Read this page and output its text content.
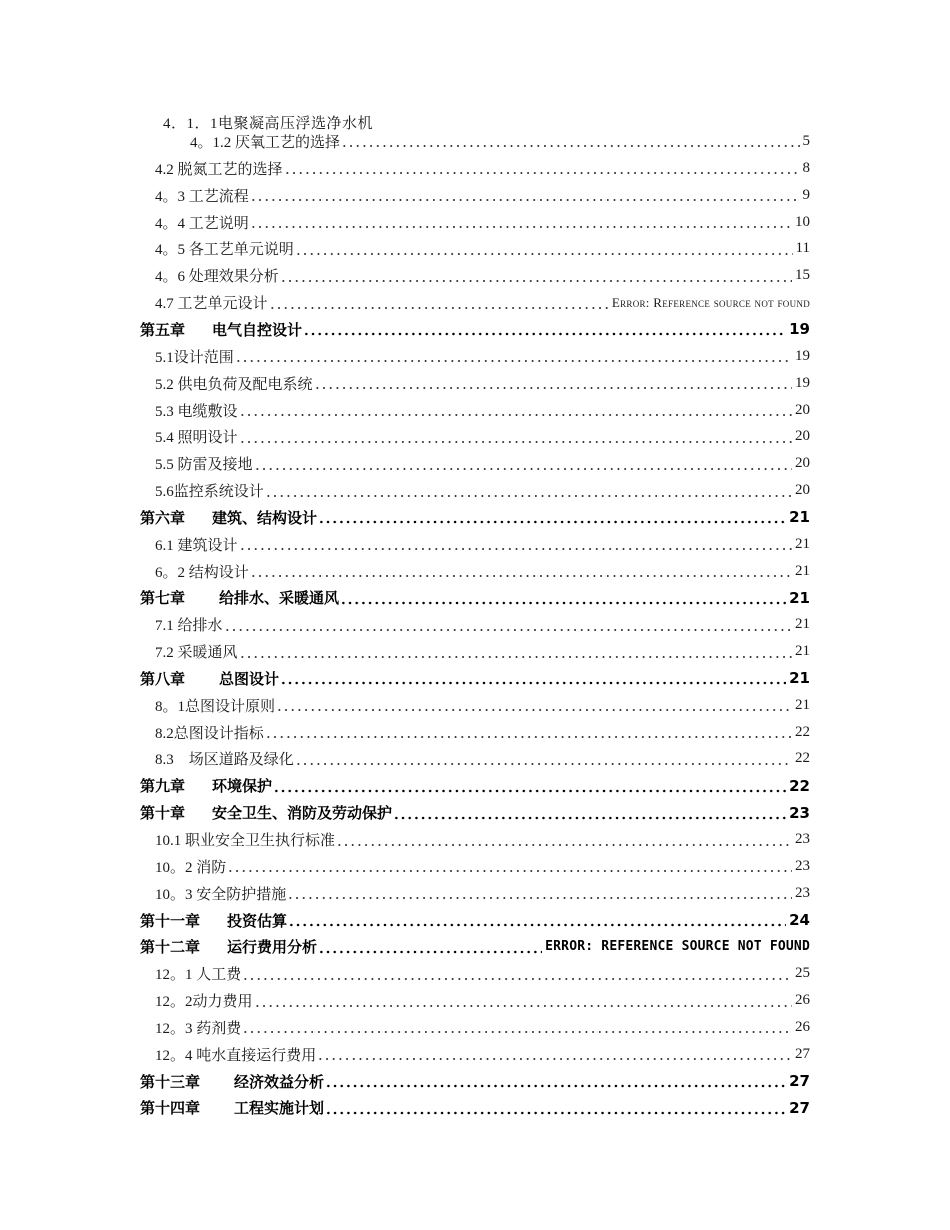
4．1．1电聚凝高压浮选净水机
4。1.2 厌氧工艺的选择	5
4.2 脱氮工艺的选择	8
4。3 工艺流程	9
4。4 工艺说明	10
4。5 各工艺单元说明	11
4。6 处理效果分析	15
4.7 工艺单元设计	Error: Reference source not found
第五章 电气自控设计	19
5.1设计范围	19
5.2 供电负荷及配电系统	19
5.3 电缆敷设	20
5.4 照明设计	20
5.5 防雷及接地	20
5.6监控系统设计	20
第六章 建筑、结构设计	21
6.1 建筑设计	21
6。2 结构设计	21
第七章 给排水、采暖通风	21
7.1 给排水	21
7.2 采暖通风	21
第八章 总图设计	21
8。1总图设计原则	21
8.2总图设计指标	22
8.3　场区道路及绿化	22
第九章 环境保护	22
第十章 安全卫生、消防及劳动保护	23
10.1 职业安全卫生执行标准	23
10。2 消防	23
10。3 安全防护措施	23
第十一章 投资估算	24
第十二章 运行费用分析	ERROR: REFERENCE SOURCE NOT FOUND
12。1 人工费	25
12。2动力费用	26
12。3 药剂费	26
12。4 吨水直接运行费用	27
第十三章 经济效益分析	27
第十四章 工程实施计划	27
